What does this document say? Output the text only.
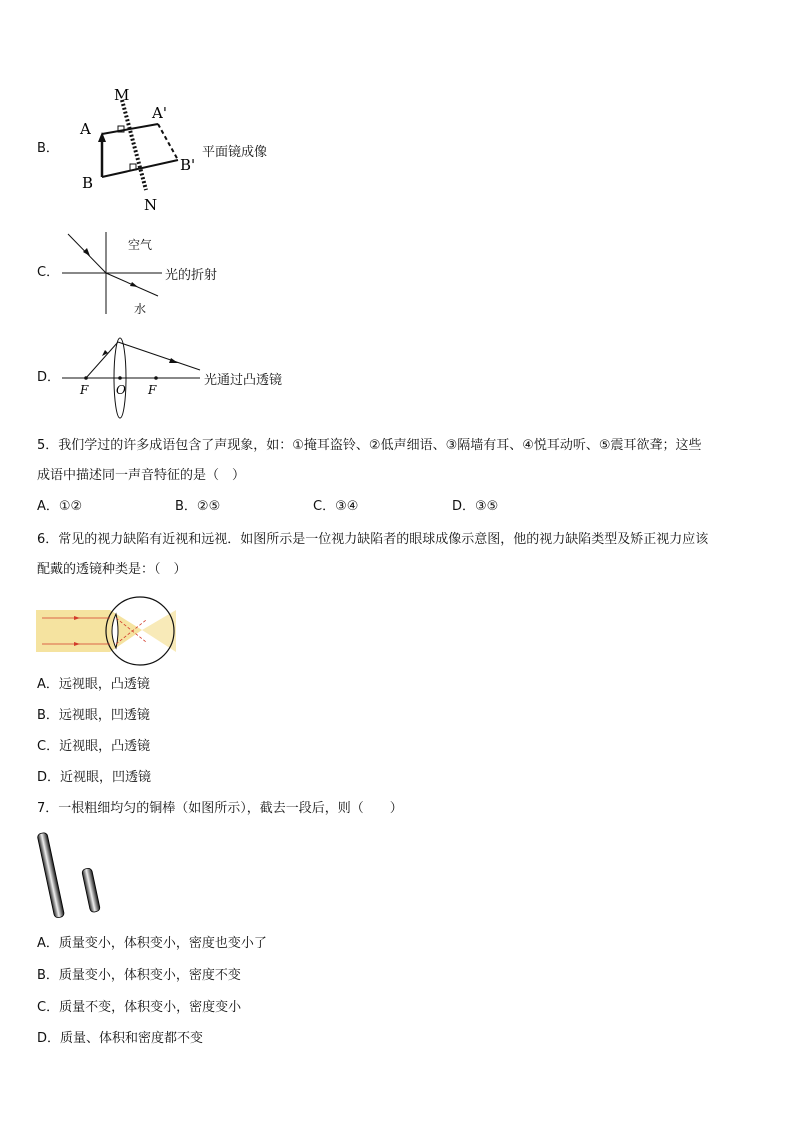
B．
M
A
A'
B
B'
N
平面镜成像
C．
空气
水
光的折射
D．
F O F
光通过凸透镜
5．我们学过的许多成语包含了声现象，如：①掩耳盗铃、②低声细语、③隔墙有耳、④悦耳动听、⑤震耳欲聋；这些
成语中描述同一声音特征的是（　）
A．①②	B．②⑤	C．③④	D．③⑤
6．常见的视力缺陷有近视和远视．如图所示是一位视力缺陷者的眼球成像示意图，他的视力缺陷类型及矫正视力应该
配戴的透镜种类是：（　）
A．远视眼，凸透镜
B．远视眼，凹透镜
C．近视眼，凸透镜
D．近视眼，凹透镜
7．一根粗细均匀的铜棒（如图所示），截去一段后，则（　　）
A．质量变小，体积变小，密度也变小了
B．质量变小，体积变小，密度不变
C．质量不变，体积变小，密度变小
D．质量、体积和密度都不变
